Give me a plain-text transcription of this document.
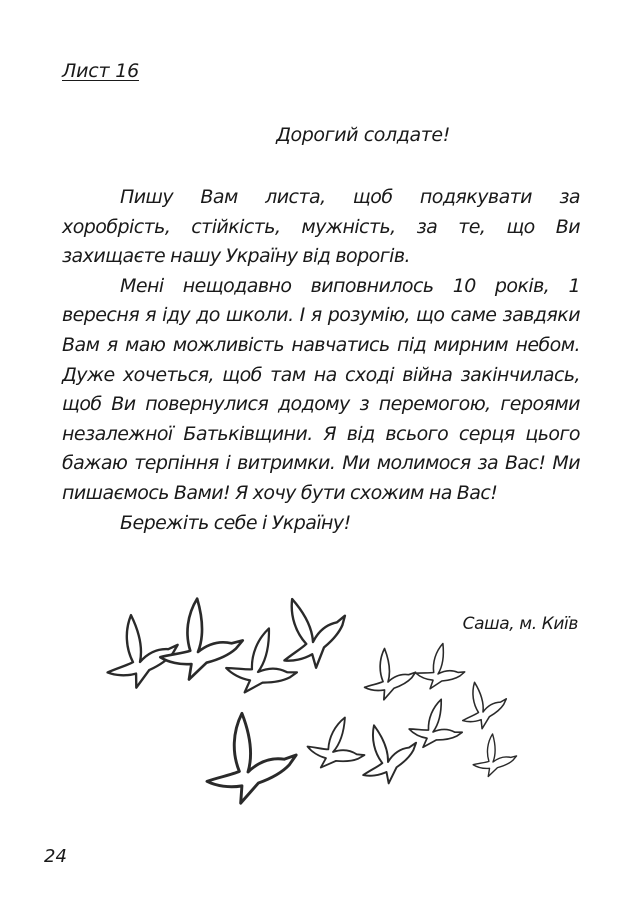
Лист 16
Дорогий солдате!

Пишу Вам листа, щоб подякувати за хоробрість, стійкість, мужність, за те, що Ви захищаєте нашу Україну від ворогів.

Мені нещодавно виповнилось 10 років, 1 вересня я іду до школи. І я розумію, що саме завдяки Вам я маю можливість навчатись під мирним небом. Дуже хочеться, щоб там на сході війна закінчилась, щоб Ви повернулися додому з перемогою, героями незалежної Батьківщини. Я від всього серця цього бажаю терпіння і витримки. Ми молимося за Вас! Ми пишаємось Вами! Я хочу бути схожим на Вас!

Бережіть себе і Україну!

Саша, м. Київ
24
